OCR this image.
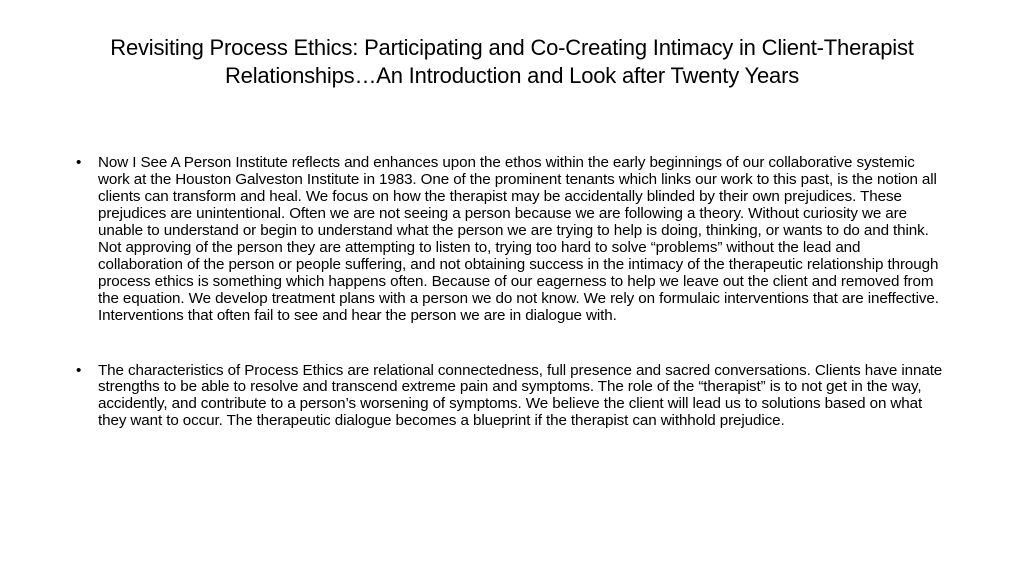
Revisiting Process Ethics: Participating and Co-Creating Intimacy in Client-Therapist Relationships…An Introduction and Look after Twenty Years
•	Now I See A Person Institute reflects and enhances upon the ethos within the early beginnings of our collaborative systemic work at the Houston Galveston Institute in 1983. One of the prominent tenants which links our work to this past, is the notion all clients can transform and heal. We focus on how the therapist may be accidentally blinded by their own prejudices. These prejudices are unintentional. Often we are not seeing a person because we are following a theory. Without curiosity we are unable to understand or begin to understand what the person we are trying to help is doing, thinking, or wants to do and think. Not approving of the person they are attempting to listen to, trying too hard to solve “problems” without the lead and collaboration of the person or people suffering, and not obtaining success in the intimacy of the therapeutic relationship through process ethics is something which happens often. Because of our eagerness to help we leave out the client and removed from the equation. We develop treatment plans with a person we do not know. We rely on formulaic interventions that are ineffective. Interventions that often fail to see and hear the person we are in dialogue with.
•	The characteristics of Process Ethics are relational connectedness, full presence and sacred conversations. Clients have innate strengths to be able to resolve and transcend extreme pain and symptoms. The role of the “therapist” is to not get in the way, accidently, and contribute to a person’s worsening of symptoms. We believe the client will lead us to solutions based on what they want to occur. The therapeutic dialogue becomes a blueprint if the therapist can withhold prejudice.
